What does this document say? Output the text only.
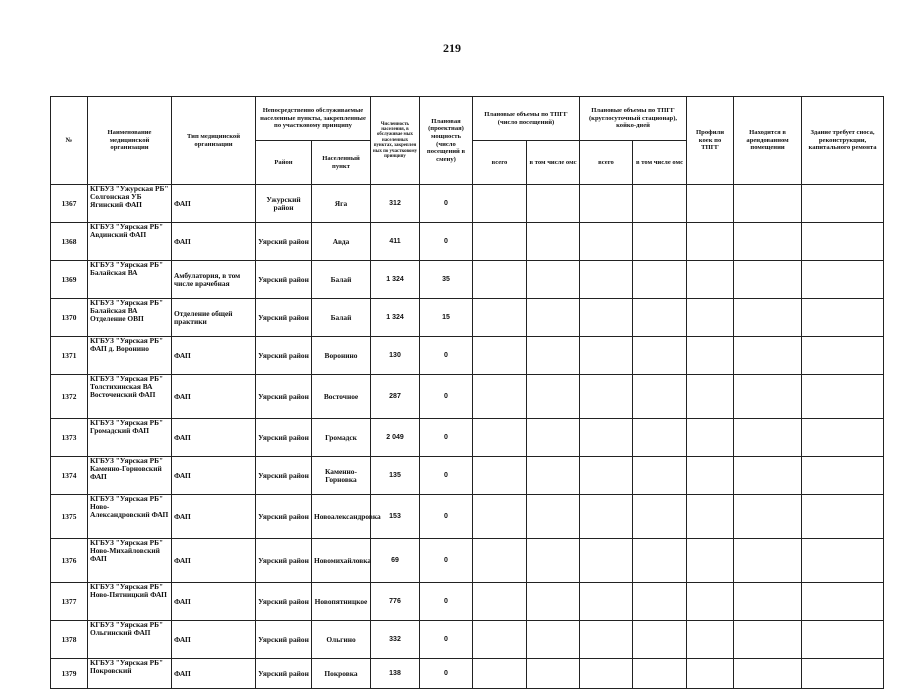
219
№	Наименование медицинской организации	Тип медицинской организации	Непосредственно обслуживаемые населенные пункты, закрепленные по участковому принципу		Численность населения, в обслуживае мых населенных пунктах, закреплен ных по участковому принципу	Плановая (проектная) мощность (число посещений в смену)	Плановые объемы по ТПГГ (число посещений)		Плановые объемы по ТПГГ (круглосуточный стационар), койко-дней		Профили коек по ТПГГ	Находится в арендованном помещении	Здание требует сноса, реконструкции, капитального ремонта
			Район	Населенный пункт			всего	в том числе омс	всего	в том числе омс			
1367	КГБУЗ "Ужурская РБ" Солгонская УБ Ягинский ФАП	ФАП	Ужурский район	Яга	312	0							
1368	КГБУЗ "Уярская РБ" Авдинский ФАП	ФАП	Уярский район	Авда	411	0							
1369	КГБУЗ "Уярская РБ" Балайская ВА	Амбулатория, в том числе врачебная	Уярский район	Балай	1 324	35							
1370	КГБУЗ "Уярская РБ" Балайская ВА Отделение ОВП	Отделение общей практики	Уярский район	Балай	1 324	15							
1371	КГБУЗ "Уярская РБ" ФАП д. Воронино	ФАП	Уярский район	Воронино	130	0							
1372	КГБУЗ "Уярская РБ" Толстихинская ВА Восточенский ФАП	ФАП	Уярский район	Восточное	287	0							
1373	КГБУЗ "Уярская РБ" Громадский ФАП	ФАП	Уярский район	Громадск	2 049	0							
1374	КГБУЗ "Уярская РБ" Каменно-Горновский ФАП	ФАП	Уярский район	Каменно-Горновка	135	0							
1375	КГБУЗ "Уярская РБ" Ново-Александровский ФАП	ФАП	Уярский район	Новоалександровка	153	0							
1376	КГБУЗ "Уярская РБ" Ново-Михайловский ФАП	ФАП	Уярский район	Новомихайловка	69	0							
1377	КГБУЗ "Уярская РБ" Ново-Пятницкий ФАП	ФАП	Уярский район	Новопятницкое	776	0							
1378	КГБУЗ "Уярская РБ" Ольгинский ФАП	ФАП	Уярский район	Ольгино	332	0							
1379	КГБУЗ "Уярская РБ" Покровский	ФАП	Уярский район	Покровка	138	0							
